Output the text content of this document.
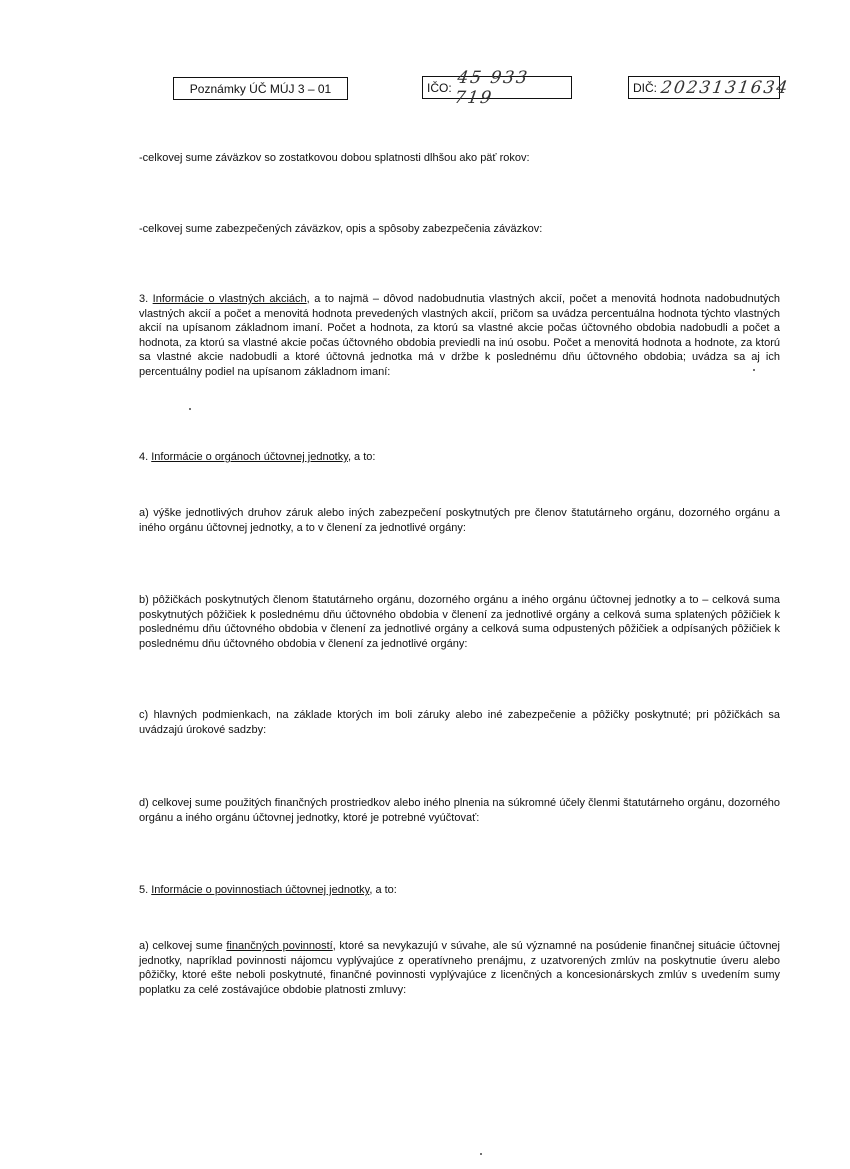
Poznámky ÚČ MÚJ 3 – 01	IČO: 45 933 719	DIČ: 2023131634

-celkovej sume záväzkov so zostatkovou dobou splatnosti dlhšou ako päť rokov:

-celkovej sume zabezpečených záväzkov, opis a spôsoby zabezpečenia záväzkov:

3. Informácie o vlastných akciách, a to najmä – dôvod nadobudnutia vlastných akcií, počet a menovitá hodnota nadobudnutých vlastných akcií a počet a menovitá hodnota prevedených vlastných akcií, pričom sa uvádza percentuálna hodnota týchto vlastných akcií na upísanom základnom imaní. Počet a hodnota, za ktorú sa vlastné akcie počas účtovného obdobia nadobudli a počet a hodnota, za ktorú sa vlastné akcie počas účtovného obdobia previedli na inú osobu. Počet a menovitá hodnota a hodnote, za ktorú sa vlastné akcie nadobudli a ktoré účtovná jednotka má v držbe k poslednému dňu účtovného obdobia; uvádza sa aj ich percentuálny podiel na upísanom základnom imaní:

4. Informácie o orgánoch účtovnej jednotky, a to:

a) výške jednotlivých druhov záruk alebo iných zabezpečení poskytnutých pre členov štatutárneho orgánu, dozorného orgánu a iného orgánu účtovnej jednotky, a to v členení za jednotlivé orgány:

b) pôžičkách poskytnutých členom štatutárneho orgánu, dozorného orgánu a iného orgánu účtovnej jednotky a to – celková suma poskytnutých pôžičiek k poslednému dňu účtovného obdobia v členení za jednotlivé orgány a celková suma splatených pôžičiek k poslednému dňu účtovného obdobia v členení za jednotlivé orgány a celková suma odpustených pôžičiek a odpísaných pôžičiek k poslednému dňu účtovného obdobia v členení za jednotlivé orgány:

c) hlavných podmienkach, na základe ktorých im boli záruky alebo iné zabezpečenie a pôžičky poskytnuté; pri pôžičkách sa uvádzajú úrokové sadzby:

d) celkovej sume použitých finančných prostriedkov alebo iného plnenia na súkromné účely členmi štatutárneho orgánu, dozorného orgánu a iného orgánu účtovnej jednotky, ktoré je potrebné vyúčtovať:

5. Informácie o povinnostiach účtovnej jednotky, a to:

a) celkovej sume finančných povinností, ktoré sa nevykazujú v súvahe, ale sú významné na posúdenie finančnej situácie účtovnej jednotky, napríklad povinnosti nájomcu vyplývajúce z operatívneho prenájmu, z uzatvorených zmlúv na poskytnutie úveru alebo pôžičky, ktoré ešte neboli poskytnuté, finančné povinnosti vyplývajúce z licenčných a koncesionárskych zmlúv s uvedením sumy poplatku za celé zostávajúce obdobie platnosti zmluvy:
